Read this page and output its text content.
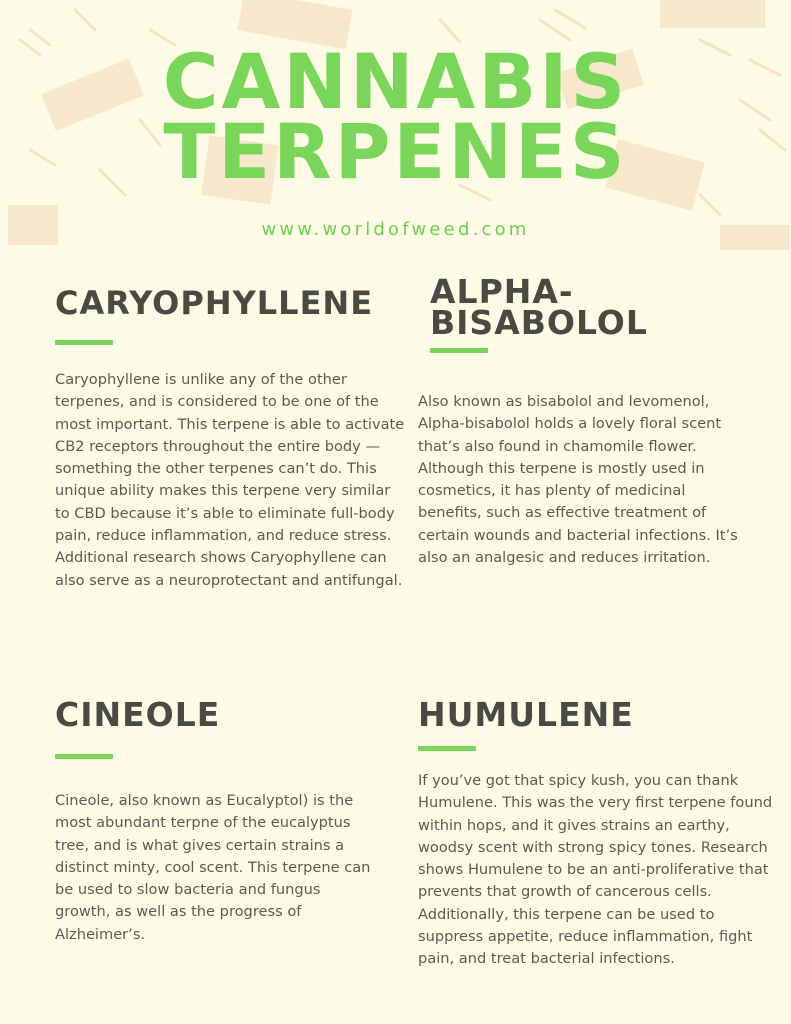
CANNABIS
TERPENES
www.worldofweed.com
CARYOPHYLLENE

Caryophyllene is unlike any of the other terpenes, and is considered to be one of the most important. This terpene is able to activate CB2 receptors throughout the entire body — something the other terpenes can’t do. This unique ability makes this terpene very similar to CBD because it’s able to eliminate full-body pain, reduce inflammation, and reduce stress. Additional research shows Caryophyllene can also serve as a neuroprotectant and antifungal.

ALPHA-
BISABOLOL

Also known as bisabolol and levomenol, Alpha-bisabolol holds a lovely floral scent that’s also found in chamomile flower. Although this terpene is mostly used in cosmetics, it has plenty of medicinal benefits, such as effective treatment of certain wounds and bacterial infections. It’s also an analgesic and reduces irritation.

CINEOLE

Cineole, also known as Eucalyptol) is the most abundant terpne of the eucalyptus tree, and is what gives certain strains a distinct minty, cool scent. This terpene can be used to slow bacteria and fungus growth, as well as the progress of Alzheimer’s.

HUMULENE

If you’ve got that spicy kush, you can thank Humulene. This was the very first terpene found within hops, and it gives strains an earthy, woodsy scent with strong spicy tones. Research shows Humulene to be an anti-proliferative that prevents that growth of cancerous cells. Additionally, this terpene can be used to suppress appetite, reduce inflammation, fight pain, and treat bacterial infections.
